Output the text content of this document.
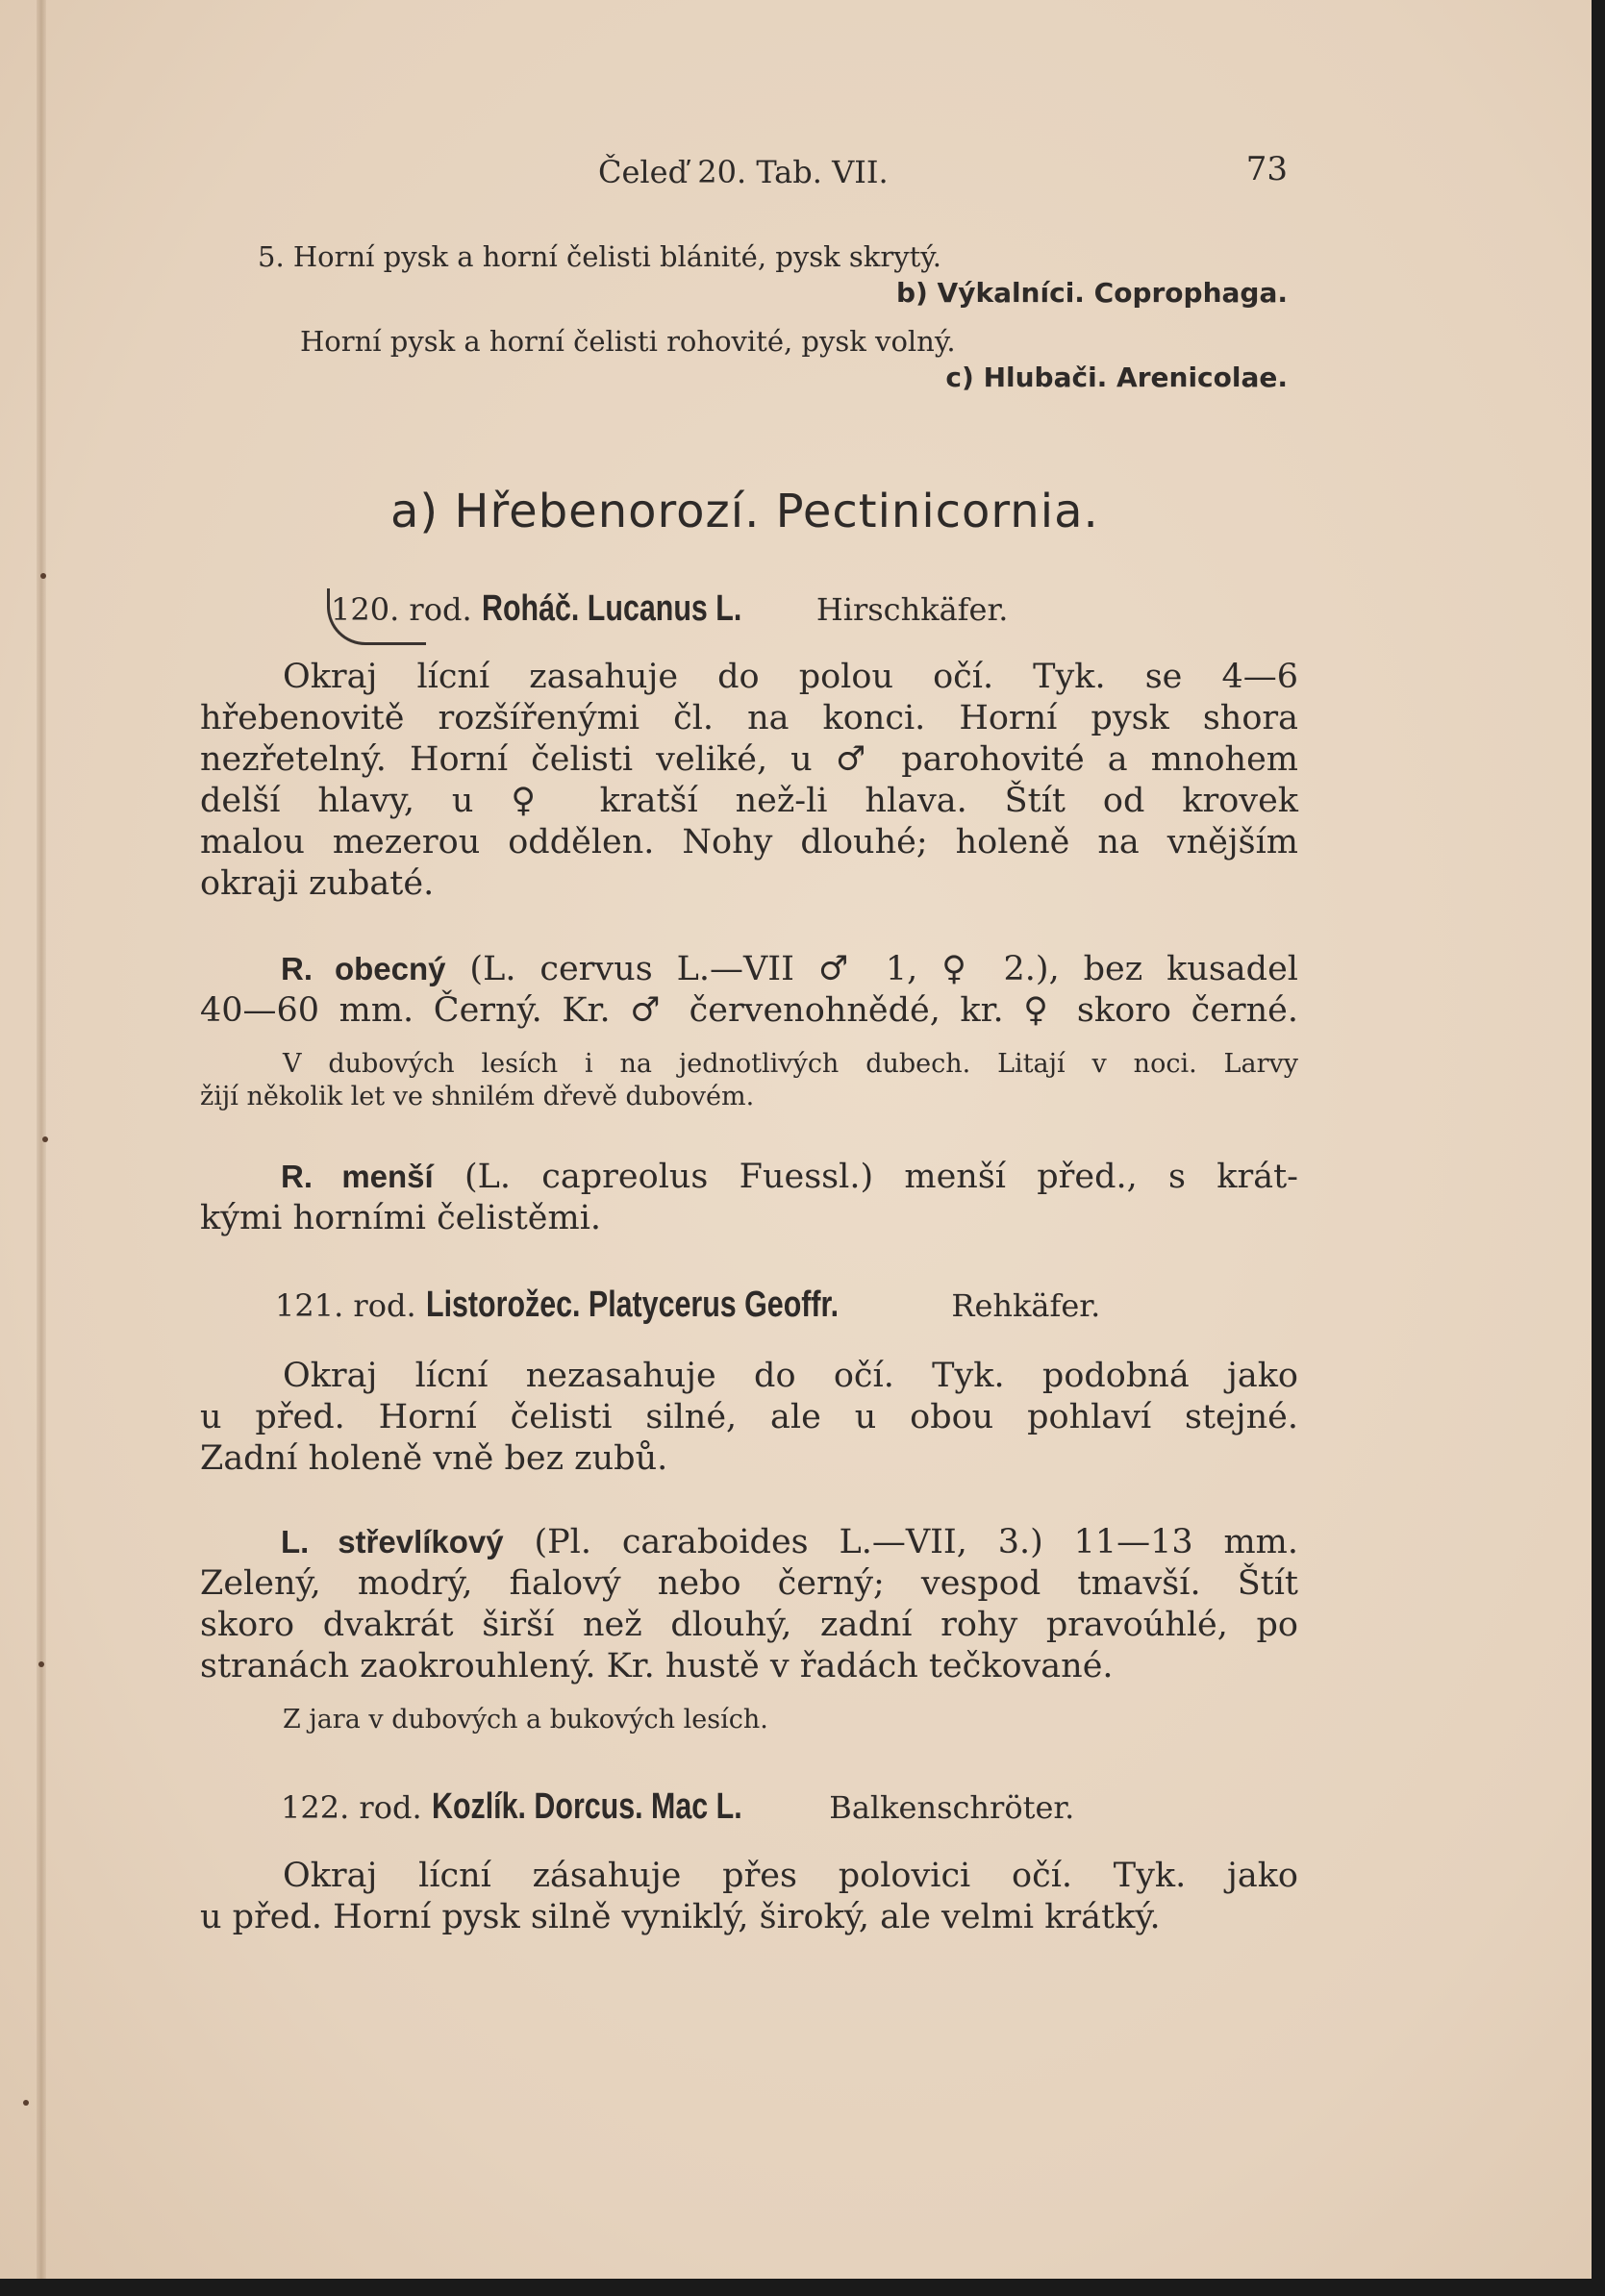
Čeleď 20. Tab. VII.	73
5. Horní pysk a horní čelisti blánité, pysk skrytý.
b) Výkalníci. Coprophaga.
Horní pysk a horní čelisti rohovité, pysk volný.
c) Hlubači. Arenicolae.
a) Hřebenorozí. Pectinicornia.
120. rod. Roháč. Lucanus L. Hirschkäfer.
Okraj lícní zasahuje do polou očí. Tyk. se 4—6
hřebenovitě rozšířenými čl. na konci. Horní pysk shora
nezřetelný. Horní čelisti veliké, u ♂ parohovité a mnohem
delší hlavy, u ♀ kratší než-li hlava. Štít od krovek
malou mezerou oddělen. Nohy dlouhé; holeně na vnějším
okraji zubaté.
R. obecný (L. cervus L.—VII ♂ 1, ♀ 2.), bez kusadel
40—60 mm. Černý. Kr. ♂ červenohnědé, kr. ♀ skoro černé.
V dubových lesích i na jednotlivých dubech. Litají v noci. Larvy
žijí několik let ve shnilém dřevě dubovém.
R. menší (L. capreolus Fuessl.) menší před., s krát-
kými horními čelistěmi.
121. rod. Listorožec. Platycerus Geoffr.	Rehkäfer.
Okraj lícní nezasahuje do očí. Tyk. podobná jako
u před. Horní čelisti silné, ale u obou pohlaví stejné.
Zadní holeně vně bez zubů.
L. střevlíkový (Pl. caraboides L.—VII, 3.) 11—13 mm.
Zelený, modrý, fialový nebo černý; vespod tmavší. Štít
skoro dvakrát širší než dlouhý, zadní rohy pravoúhlé, po
stranách zaokrouhlený. Kr. hustě v řadách tečkované.
Z jara v dubových a bukových lesích.
122. rod. Kozlík. Dorcus. Mac L.	Balkenschröter.
Okraj lícní zásahuje přes polovici očí. Tyk. jako
u před. Horní pysk silně vyniklý, široký, ale velmi krátký.
